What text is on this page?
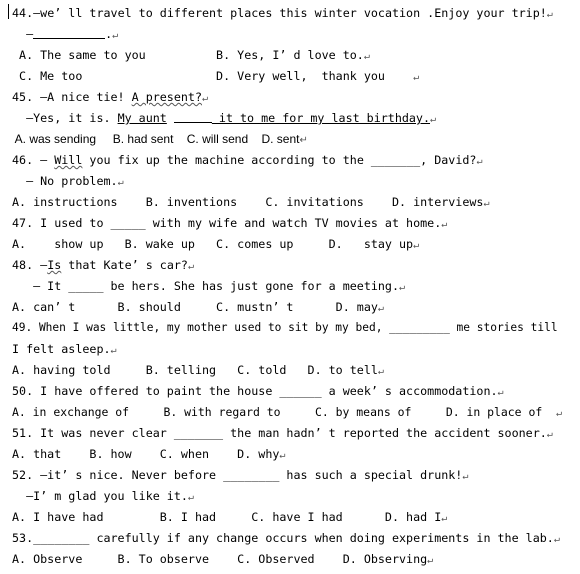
44.—we’ ll travel to different places this winter vocation .Enjoy your trip!↵
—	.↵
A. The same to you          B. Yes, I’ d love to.↵
C. Me too                   D. Very well,  thank you	↵
45. —A nice tie! A present?↵
—Yes, it is. My aunt	it to me for my last birthday.↵
A. was sending     B. had sent    C. will send    D. sent↵
46. — Will you fix up the machine according to the _______, David?↵
— No problem.↵
A. instructions    B. inventions    C. invitations    D. interviews↵
47. I used to _____ with my wife and watch TV movies at home.↵
A.    show up   B. wake up   C. comes up     D.   stay up↵
48. —Is that Kate’ s car?↵
— It _____ be hers. She has just gone for a meeting.↵
A. can’ t      B. should     C. mustn’ t      D. may↵
49. When I was little, my mother used to sit by my bed, _________ me stories till
I felt asleep.↵
A. having told     B. telling   C. told   D. to tell↵
50. I have offered to paint the house ______ a week’ s accommodation.↵
A. in exchange of     B. with regard to     C. by means of     D. in place of ↵
51. It was never clear _______ the man hadn’ t reported the accident sooner.↵
A. that    B. how    C. when    D. why↵
52. —it’ s nice. Never before ________ has such a special drunk!↵
—I’ m glad you like it.↵
A. I have had        B. I had     C. have I had      D. had I↵
53.________ carefully if any change occurs when doing experiments in the lab.↵
A. Observe     B. To observe    C. Observed    D. Observing↵
